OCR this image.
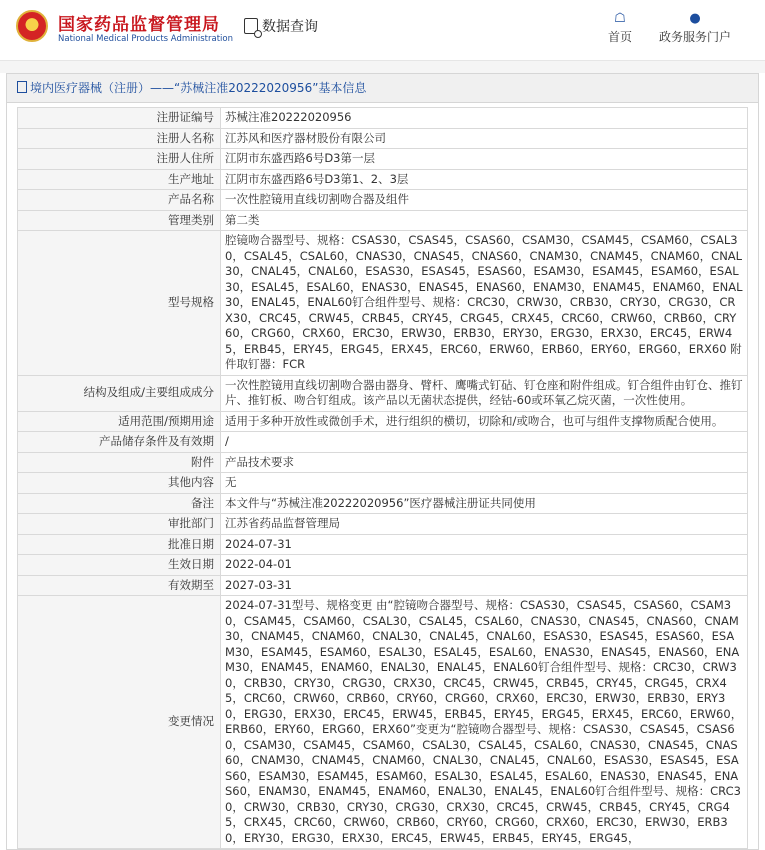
国家药品监督管理局
National Medical Products Administration
数据查询
☖
首页
●
政务服务门户
境内医疗器械（注册）——“苏械注准20222020956”基本信息
注册证编号	苏械注准20222020956
注册人名称	江苏风和医疗器材股份有限公司
注册人住所	江阴市东盛西路6号D3第一层
生产地址	江阴市东盛西路6号D3第1、2、3层
产品名称	一次性腔镜用直线切割吻合器及组件
管理类别	第二类
型号规格	腔镜吻合器型号、规格：CSAS30，CSAS45，CSAS60，CSAM30，CSAM45，CSAM60，CSAL30，CSAL45，CSAL60，CNAS30，CNAS45，CNAS60，CNAM30，CNAM45，CNAM60，CNAL30，CNAL45，CNAL60，ESAS30，ESAS45，ESAS60，ESAM30，ESAM45，ESAM60，ESAL30，ESAL45，ESAL60，ENAS30，ENAS45，ENAS60，ENAM30，ENAM45，ENAM60，ENAL30，ENAL45，ENAL60钉合组件型号、规格：CRC30，CRW30，CRB30，CRY30，CRG30，CRX30，CRC45，CRW45，CRB45，CRY45，CRG45，CRX45，CRC60，CRW60，CRB60，CRY60，CRG60，CRX60，ERC30，ERW30，ERB30，ERY30，ERG30，ERX30，ERC45，ERW45，ERB45，ERY45，ERG45，ERX45，ERC60，ERW60，ERB60，ERY60，ERG60，ERX60 附件取钉器：FCR
结构及组成/主要组成成分	一次性腔镜用直线切割吻合器由器身、臂杆、鹰嘴式钉砧、钉仓座和附件组成。钉合组件由钉仓、推钉片、推钉板、吻合钉组成。该产品以无菌状态提供，经钴-60或环氧乙烷灭菌，一次性使用。
适用范围/预期用途	适用于多种开放性或微创手术，进行组织的横切，切除和/或吻合，也可与组件支撑物质配合使用。
产品储存条件及有效期	/
附件	产品技术要求
其他内容	无
备注	本文件与“苏械注准20222020956”医疗器械注册证共同使用
审批部门	江苏省药品监督管理局
批准日期	2024-07-31
生效日期	2022-04-01
有效期至	2027-03-31
变更情况	2024-07-31型号、规格变更 由“腔镜吻合器型号、规格：CSAS30，CSAS45，CSAS60，CSAM30，CSAM45，CSAM60，CSAL30，CSAL45，CSAL60，CNAS30，CNAS45，CNAS60，CNAM30，CNAM45，CNAM60，CNAL30，CNAL45，CNAL60，ESAS30，ESAS45，ESAS60，ESAM30，ESAM45，ESAM60，ESAL30，ESAL45，ESAL60，ENAS30，ENAS45，ENAS60，ENAM30，ENAM45，ENAM60，ENAL30，ENAL45，ENAL60钉合组件型号、规格：CRC30，CRW30，CRB30，CRY30，CRG30，CRX30，CRC45，CRW45，CRB45，CRY45，CRG45，CRX45，CRC60，CRW60，CRB60，CRY60，CRG60，CRX60，ERC30，ERW30，ERB30，ERY30，ERG30，ERX30，ERC45，ERW45，ERB45，ERY45，ERG45，ERX45，ERC60，ERW60，ERB60，ERY60，ERG60，ERX60”变更为“腔镜吻合器型号、规格：CSAS30，CSAS45，CSAS60，CSAM30，CSAM45，CSAM60，CSAL30，CSAL45，CSAL60，CNAS30，CNAS45，CNAS60，CNAM30，CNAM45，CNAM60，CNAL30，CNAL45，CNAL60，ESAS30，ESAS45，ESAS60，ESAM30，ESAM45，ESAM60，ESAL30，ESAL45，ESAL60，ENAS30，ENAS45，ENAS60，ENAM30，ENAM45，ENAM60，ENAL30，ENAL45，ENAL60钉合组件型号、规格：CRC30，CRW30，CRB30，CRY30，CRG30，CRX30，CRC45，CRW45，CRB45，CRY45，CRG45，CRX45，CRC60，CRW60，CRB60，CRY60，CRG60，CRX60，ERC30，ERW30，ERB30，ERY30，ERG30，ERX30，ERC45，ERW45，ERB45，ERY45，ERG45，
